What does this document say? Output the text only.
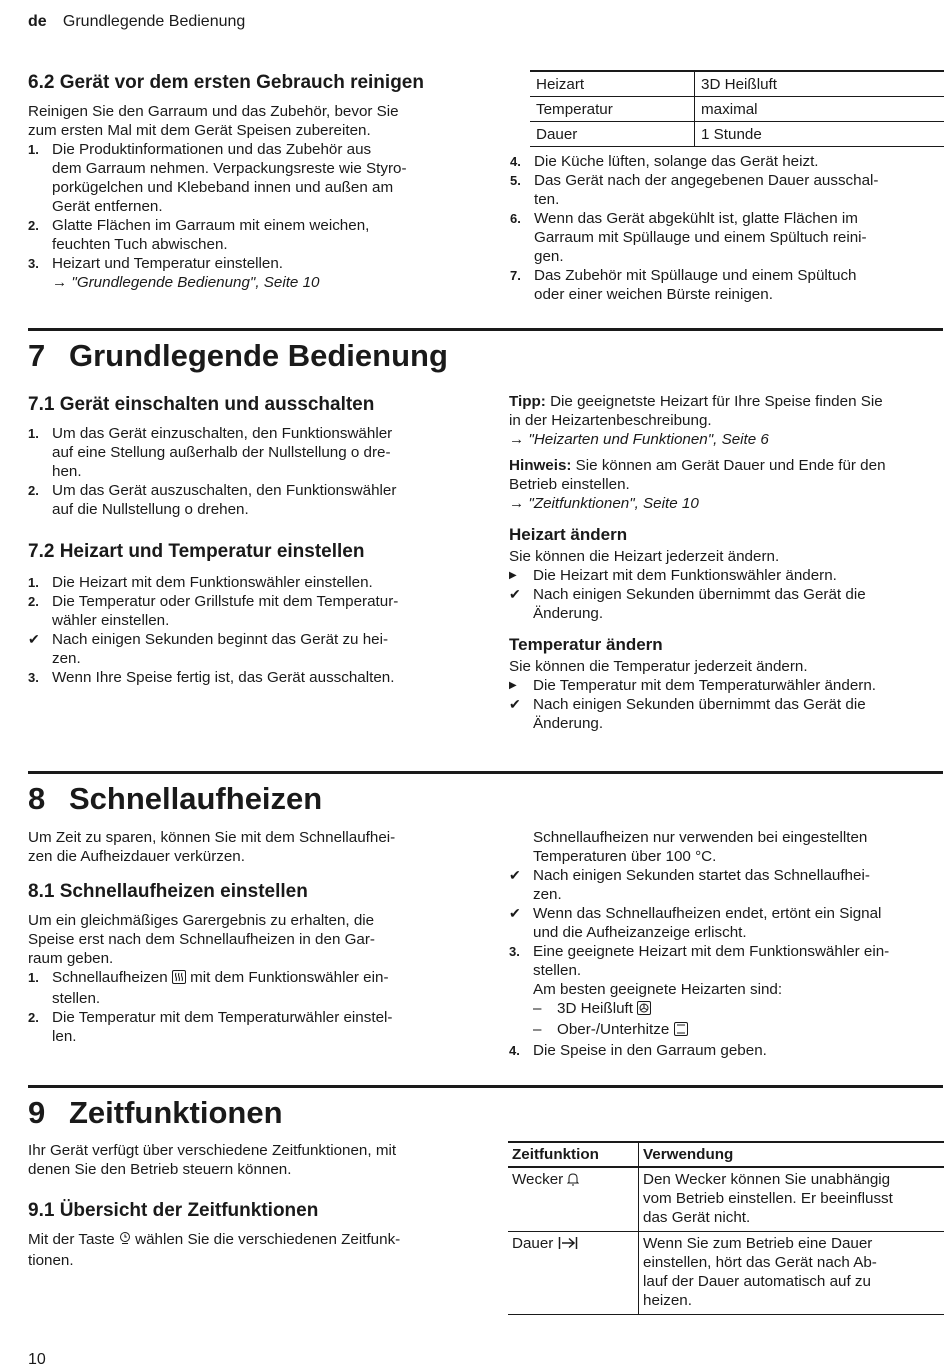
de Grundlegende Bedienung
6.2 Gerät vor dem ersten Gebrauch reinigen

Reinigen Sie den Garraum und das Zubehör, bevor Sie
zum ersten Mal mit dem Gerät Speisen zubereiten.

1. Die Produktinformationen und das Zubehör aus
dem Garraum nehmen. Verpackungsreste wie Styro-
porkügelchen und Klebeband innen und außen am
Gerät entfernen.
2. Glatte Flächen im Garraum mit einem weichen,
feuchten Tuch abwischen.
3. Heizart und Temperatur einstellen.
→ "Grundlegende Bedienung", Seite 10
Heizart	3D Heißluft
Temperatur	maximal
Dauer	1 Stunde
4. Die Küche lüften, solange das Gerät heizt.
5. Das Gerät nach der angegebenen Dauer ausschal-
ten.
6. Wenn das Gerät abgekühlt ist, glatte Flächen im
Garraum mit Spüllauge und einem Spültuch reini-
gen.
7. Das Zubehör mit Spüllauge und einem Spültuch
oder einer weichen Bürste reinigen.
7 Grundlegende Bedienung
7.1 Gerät einschalten und ausschalten
1. Um das Gerät einzuschalten, den Funktionswähler
auf eine Stellung außerhalb der Nullstellung o dre-
hen.
2. Um das Gerät auszuschalten, den Funktionswähler
auf die Nullstellung o drehen.
7.2 Heizart und Temperatur einstellen
1. Die Heizart mit dem Funktionswähler einstellen.
2. Die Temperatur oder Grillstufe mit dem Temperatur-
wähler einstellen.
✔ Nach einigen Sekunden beginnt das Gerät zu hei-
zen.
3. Wenn Ihre Speise fertig ist, das Gerät ausschalten.

Tipp: Die geeignetste Heizart für Ihre Speise finden Sie
in der Heizartenbeschreibung.
→ "Heizarten und Funktionen", Seite 6

Hinweis: Sie können am Gerät Dauer und Ende für den
Betrieb einstellen.
→ "Zeitfunktionen", Seite 10

Heizart ändern

Sie können die Heizart jederzeit ändern.

▶ Die Heizart mit dem Funktionswähler ändern.
✔ Nach einigen Sekunden übernimmt das Gerät die
Änderung.
Temperatur ändern

Sie können die Temperatur jederzeit ändern.

▶ Die Temperatur mit dem Temperaturwähler ändern.
✔ Nach einigen Sekunden übernimmt das Gerät die
Änderung.
8 Schnellaufheizen

Um Zeit zu sparen, können Sie mit dem Schnellaufhei-
zen die Aufheizdauer verkürzen.

8.1 Schnellaufheizen einstellen

Um ein gleichmäßiges Garergebnis zu erhalten, die
Speise erst nach dem Schnellaufheizen in den Gar-
raum geben.

1. Schnellaufheizen  mit dem Funktionswähler ein-
stellen.
2. Die Temperatur mit dem Temperaturwähler einstel-
len.

Schnellaufheizen nur verwenden bei eingestellten
Temperaturen über 100 °C.

✔ Nach einigen Sekunden startet das Schnellaufhei-
zen.
✔ Wenn das Schnellaufheizen endet, ertönt ein Signal
und die Aufheizanzeige erlischt.
3. Eine geeignete Heizart mit dem Funktionswähler ein-
stellen.
Am besten geeignete Heizarten sind:
– 3D Heißluft
– Ober-/Unterhitze
4. Die Speise in den Garraum geben.
9 Zeitfunktionen

Ihr Gerät verfügt über verschiedene Zeitfunktionen, mit
denen Sie den Betrieb steuern können.

9.1 Übersicht der Zeitfunktionen

Mit der Taste  wählen Sie die verschiedenen Zeitfunk-
tionen.

Zeitfunktion	Verwendung
Wecker	Den Wecker können Sie unabhängig
vom Betrieb einstellen. Er beeinflusst
das Gerät nicht.
Dauer	Wenn Sie zum Betrieb eine Dauer
einstellen, hört das Gerät nach Ab-
lauf der Dauer automatisch auf zu
heizen.
10
